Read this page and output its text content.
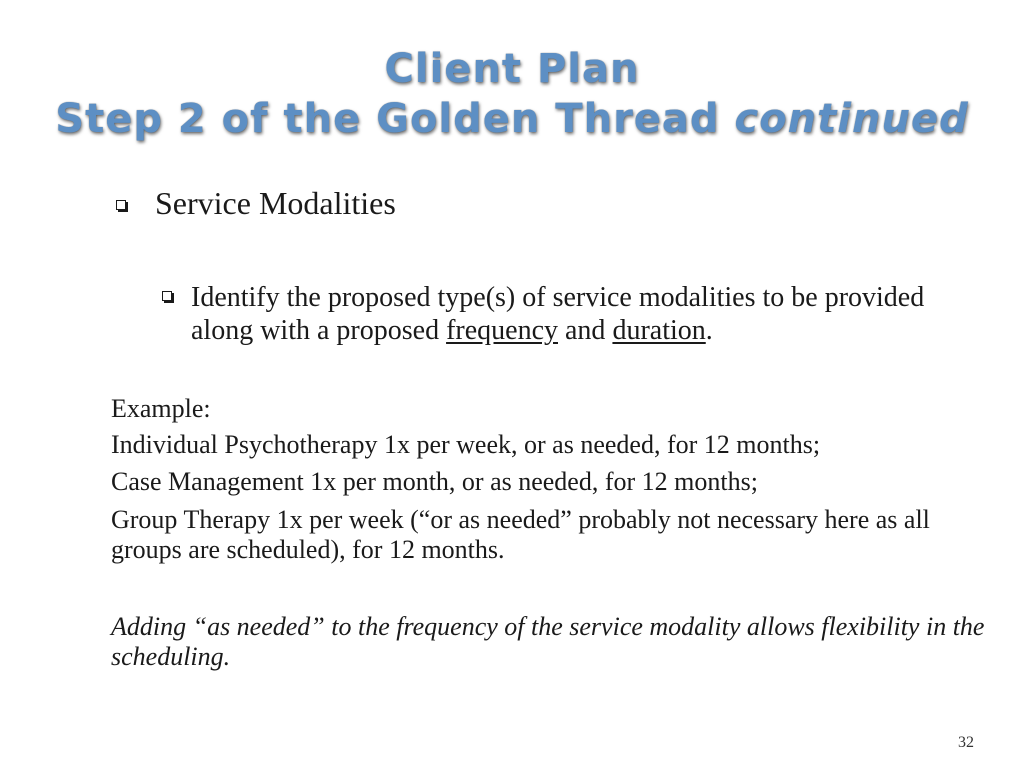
Client Plan
Step 2 of the Golden Thread continued
Service Modalities
Identify the proposed type(s) of service modalities to be provided along with a proposed frequency and duration.
Example:
Individual Psychotherapy 1x per week, or as needed, for 12 months;
Case Management 1x per month, or as needed, for 12 months;
Group Therapy 1x per week (“or as needed” probably not necessary here as all groups are scheduled), for 12 months.
Adding “as needed” to the frequency of the service modality allows flexibility in the scheduling.
32
